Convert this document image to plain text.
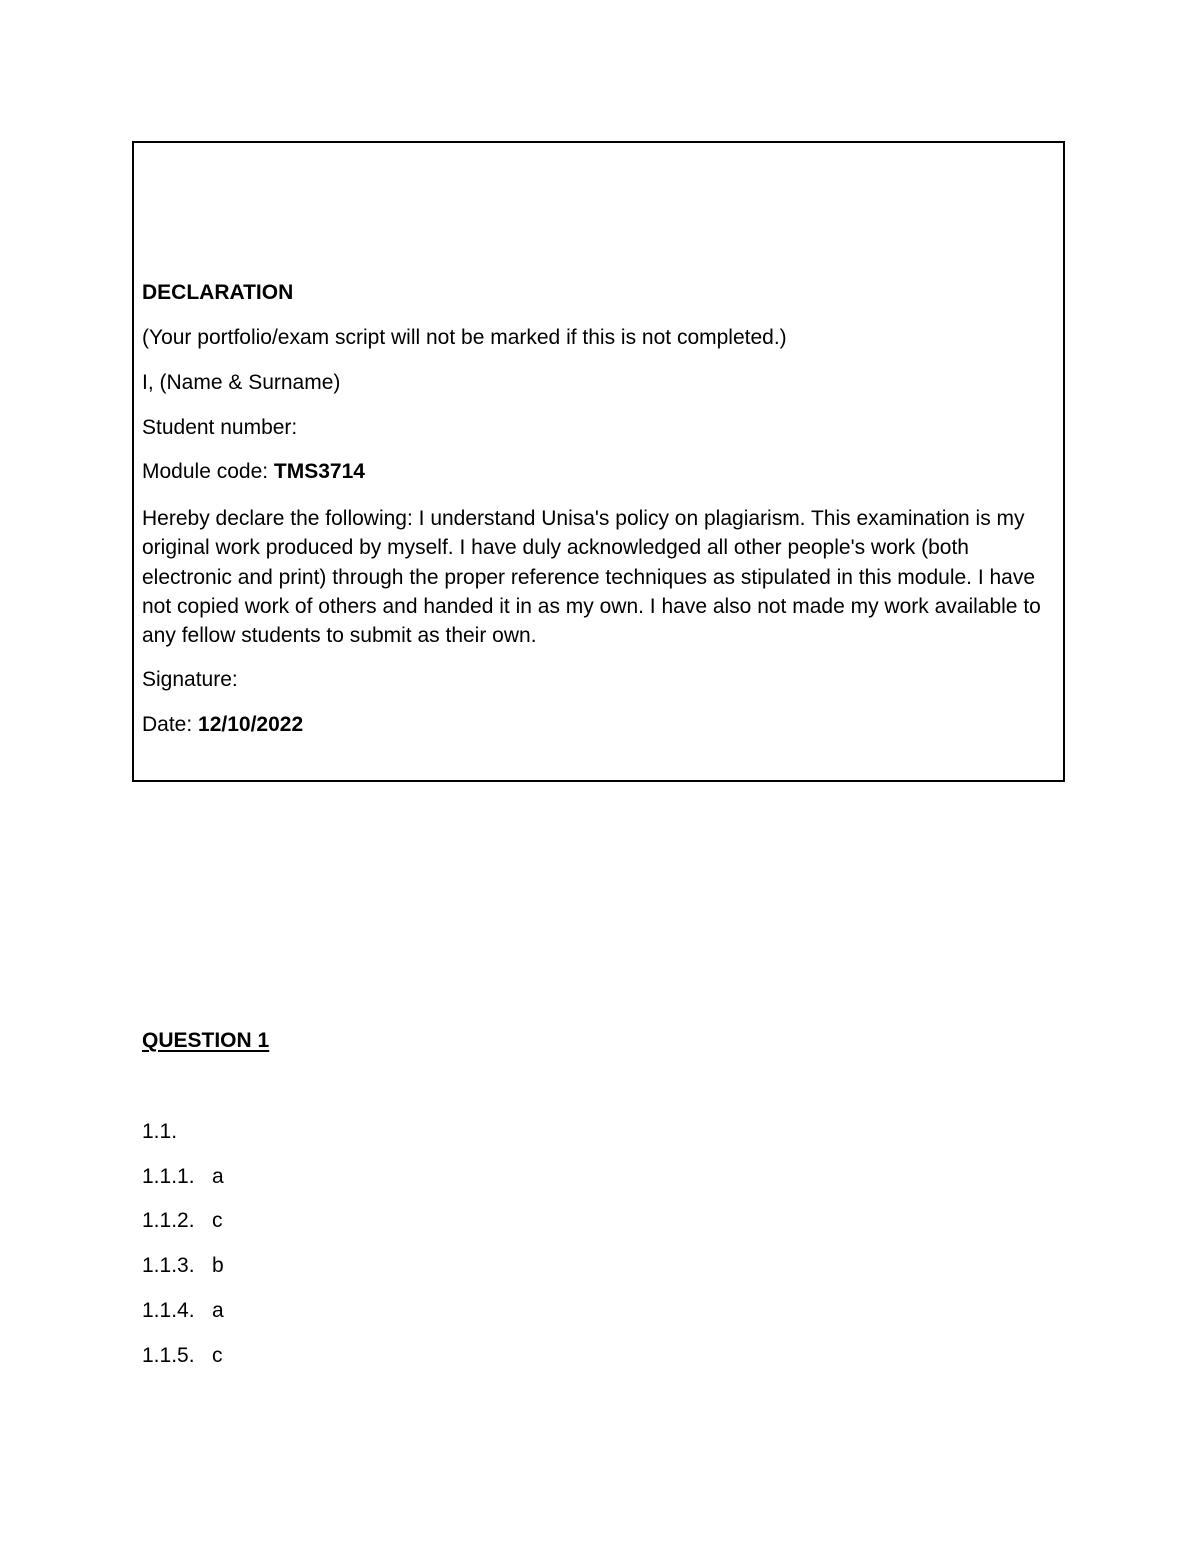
DECLARATION
(Your portfolio/exam script will not be marked if this is not completed.)
I, (Name & Surname)
Student number:
Module code: TMS3714
Hereby declare the following: I understand Unisa's policy on plagiarism. This examination is my original work produced by myself. I have duly acknowledged all other people's work (both electronic and print) through the proper reference techniques as stipulated in this module. I have not copied work of others and handed it in as my own. I have also not made my work available to any fellow students to submit as their own.
Signature:
Date: 12/10/2022
QUESTION 1
1.1.
1.1.1. a
1.1.2. c
1.1.3. b
1.1.4. a
1.1.5. c
